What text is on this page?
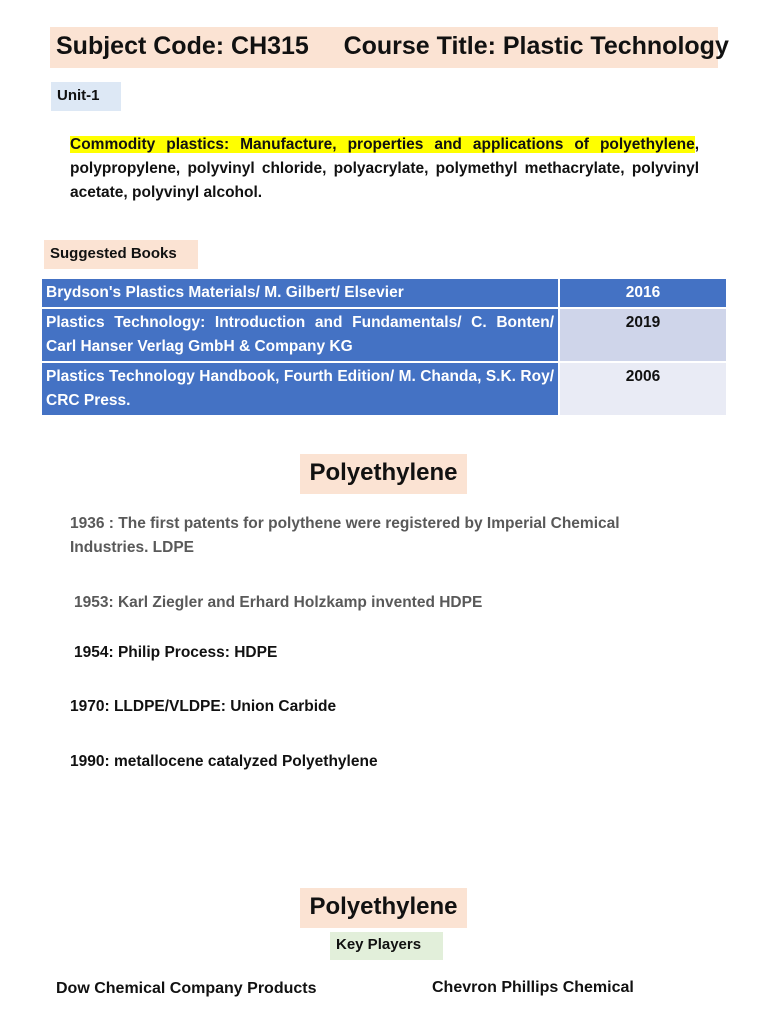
Subject Code: CH315 Course Title: Plastic Technology
Unit-1
Commodity plastics: Manufacture, properties and applications of polyethylene, polypropylene, polyvinyl chloride, polyacrylate, polymethyl methacrylate, polyvinyl acetate, polyvinyl alcohol.
Suggested Books
Brydson's Plastics Materials/ M. Gilbert/ Elsevier	2016
Plastics Technology: Introduction and Fundamentals/ C. Bonten/ Carl Hanser Verlag GmbH & Company KG	2019
Plastics Technology Handbook, Fourth Edition/ M. Chanda, S.K. Roy/ CRC Press.	2006
Polyethylene
1936 : The first patents for polythene were registered by Imperial Chemical Industries. LDPE
1953: Karl Ziegler and Erhard Holzkamp invented HDPE
1954: Philip Process: HDPE
1970: LLDPE/VLDPE: Union Carbide
1990: metallocene catalyzed Polyethylene
Polyethylene
Key Players
Dow Chemical Company Products	Chevron Phillips Chemical
